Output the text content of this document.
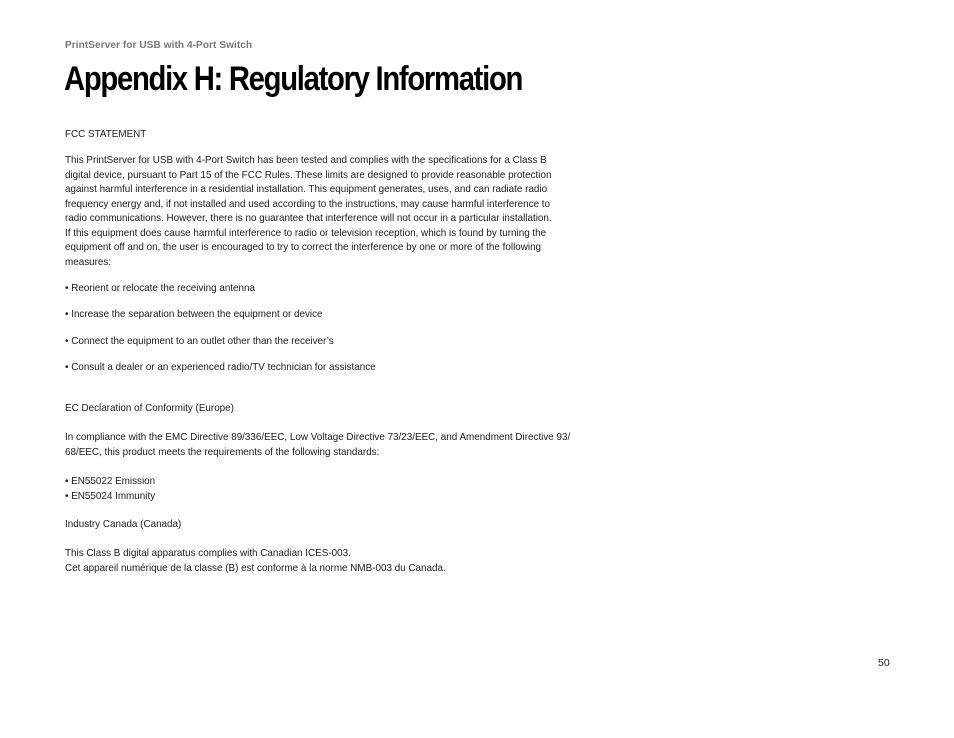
PrintServer for USB with 4-Port Switch
Appendix H: Regulatory Information

FCC STATEMENT

This PrintServer for USB with 4-Port Switch has been tested and complies with the specifications for a Class B
digital device, pursuant to Part 15 of the FCC Rules. These limits are designed to provide reasonable protection
against harmful interference in a residential installation. This equipment generates, uses, and can radiate radio
frequency energy and, if not installed and used according to the instructions, may cause harmful interference to
radio communications. However, there is no guarantee that interference will not occur in a particular installation.
If this equipment does cause harmful interference to radio or television reception, which is found by turning the
equipment off and on, the user is encouraged to try to correct the interference by one or more of the following
measures:

• Reorient or relocate the receiving antenna

• Increase the separation between the equipment or device

• Connect the equipment to an outlet other than the receiver’s

• Consult a dealer or an experienced radio/TV technician for assistance

EC Declaration of Conformity (Europe)

In compliance with the EMC Directive 89/336/EEC, Low Voltage Directive 73/23/EEC, and Amendment Directive 93/
68/EEC, this product meets the requirements of the following standards:

• EN55022 Emission

• EN55024 Immunity

Industry Canada (Canada)

This Class B digital apparatus complies with Canadian ICES-003.

Cet appareil numérique de la classe (B) est conforme à la norme NMB-003 du Canada.

50
